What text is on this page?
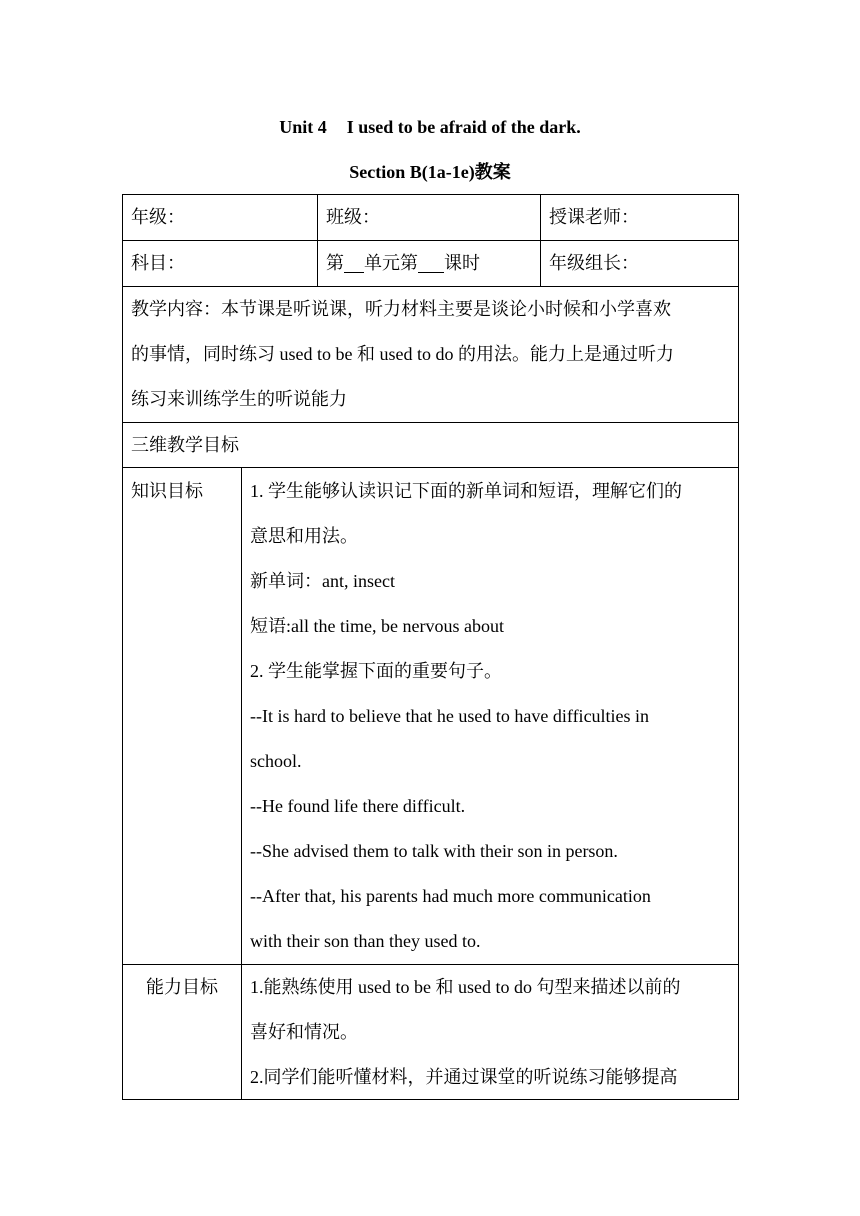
Unit 4 I used to be afraid of the dark.
Section B(1a-1e)教案
年级：	班级：	授课老师：
科目：	第 单元第 课时	年级组长：
教学内容：本节课是听说课，听力材料主要是谈论小时候和小学喜欢
的事情，同时练习 used to be 和 used to do 的用法。能力上是通过听力
练习来训练学生的听说能力
三维教学目标
知识目标	1. 学生能够认读识记下面的新单词和短语，理解它们的
意思和用法。
新单词：ant, insect
短语:all the time, be nervous about
2. 学生能掌握下面的重要句子。
--It is hard to believe that he used to have difficulties in
school.
--He found life there difficult.
--She advised them to talk with their son in person.
--After that, his parents had much more communication
with their son than they used to.
能力目标	1.能熟练使用 used to be 和 used to do 句型来描述以前的
喜好和情况。
2.同学们能听懂材料，并通过课堂的听说练习能够提高
